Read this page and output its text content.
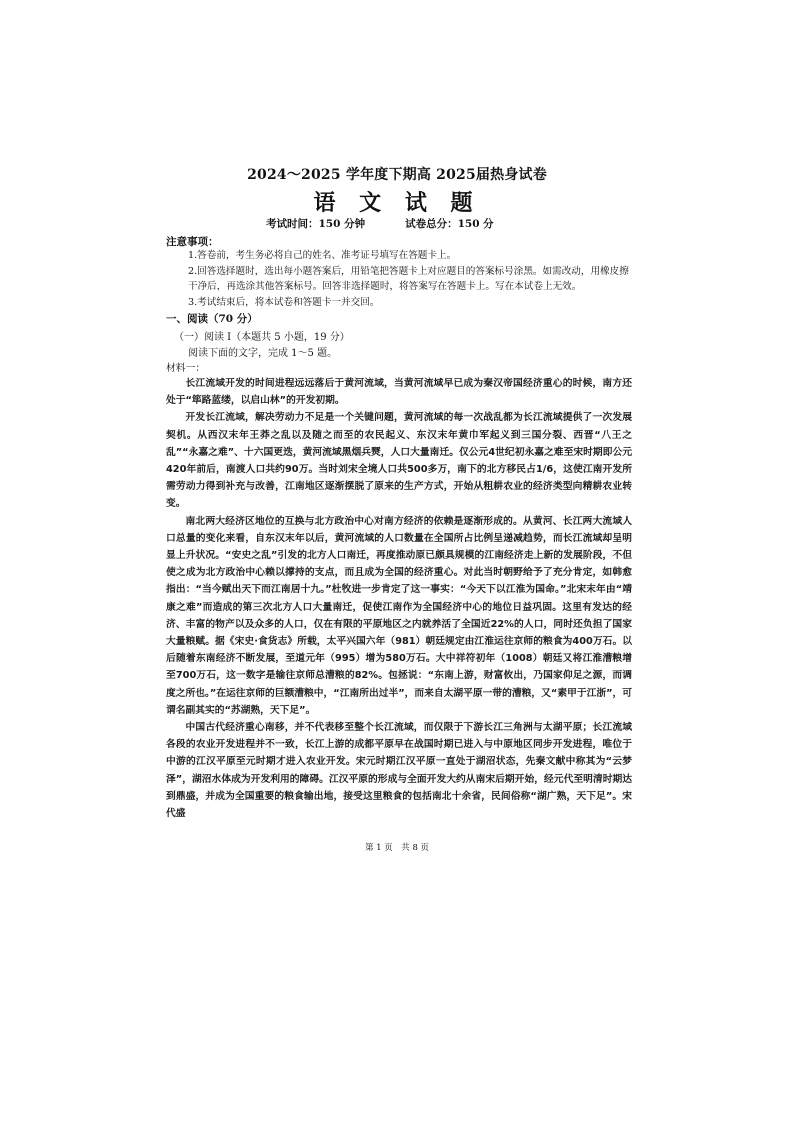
2024～2025 学年度下期高 2025届热身试卷
语 文 试 题
考试时间：150 分钟	试卷总分：150 分
注意事项：

1.答卷前，考生务必将自己的姓名、准考证号填写在答题卡上。

2.回答选择题时，选出每小题答案后，用铅笔把答题卡上对应题目的答案标号涂黑。如需改动，用橡皮擦干净后，再选涂其他答案标号。回答非选择题时，将答案写在答题卡上。写在本试卷上无效。

3.考试结束后，将本试卷和答题卡一并交回。

一、阅读（70 分）
（一）阅读 I（本题共 5 小题，19 分）
阅读下面的文字，完成 1～5 题。
材料一：

长江流域开发的时间进程远远落后于黄河流域，当黄河流域早已成为秦汉帝国经济重心的时候，南方还处于“筚路蓝缕，以启山林”的开发初期。

开发长江流域，解决劳动力不足是一个关键问题，黄河流域的每一次战乱都为长江流域提供了一次发展契机。从西汉末年王莽之乱以及随之而至的农民起义、东汉末年黄巾军起义到三国分裂、西晋“八王之乱”“永嘉之难”、十六国更迭，黄河流域黑烟兵燹，人口大量南迁。仅公元4世纪初永嘉之难至宋时期即公元420年前后，南渡人口共约90万。当时刘宋全境人口共500多万，南下的北方移民占1/6，这使江南开发所需劳动力得到补充与改善，江南地区逐渐摆脱了原来的生产方式，开始从粗耕农业的经济类型向精耕农业转变。

南北两大经济区地位的互换与北方政治中心对南方经济的依赖是逐渐形成的。从黄河、长江两大流域人口总量的变化来看，自东汉末年以后，黄河流域的人口数量在全国所占比例呈递减趋势，而长江流域却呈明显上升状况。“安史之乱”引发的北方人口南迁，再度推动原已颇具规模的江南经济走上新的发展阶段，不但使之成为北方政治中心赖以撑持的支点，而且成为全国的经济重心。对此当时朝野给予了充分肯定，如韩愈指出：“当今赋出天下而江南居十九。”杜牧进一步肯定了这一事实：“今天下以江淮为国命。”北宋末年由“靖康之难”而造成的第三次北方人口大量南迁，促使江南作为全国经济中心的地位日益巩固。这里有发达的经济、丰富的物产以及众多的人口，仅在有限的平原地区之内就养活了全国近22%的人口，同时还负担了国家大量粮赋。据《宋史·食货志》所载，太平兴国六年（981）朝廷规定由江淮运往京师的粮食为400万石。以后随着东南经济不断发展，至道元年（995）增为580万石。大中祥符初年（1008）朝廷又将江淮漕粮增至700万石，这一数字是输往京师总漕粮的82%。包拯说：“东南上游，财富攸出，乃国家仰足之源，而调度之所也。”在运往京师的巨额漕粮中，“江南所出过半”，而来自太湖平原一带的漕粮，又“素甲于江浙”，可谓名副其实的“苏湖熟，天下足”。

中国古代经济重心南移，并不代表移至整个长江流域，而仅限于下游长江三角洲与太湖平原；长江流域各段的农业开发进程并不一致，长江上游的成都平原早在战国时期已进入与中原地区同步开发进程，唯位于中游的江汉平原至元时期才进入农业开发。宋元时期江汉平原一直处于湖沼状态，先秦文献中称其为“云梦泽”，湖沼水体成为开发利用的障碍。江汉平原的形成与全面开发大约从南宋后期开始，经元代至明清时期达到鼎盛，并成为全国重要的粮食输出地，接受这里粮食的包括南北十余省，民间俗称“湖广熟，天下足”。宋代盛

第 1 页　共 8 页
